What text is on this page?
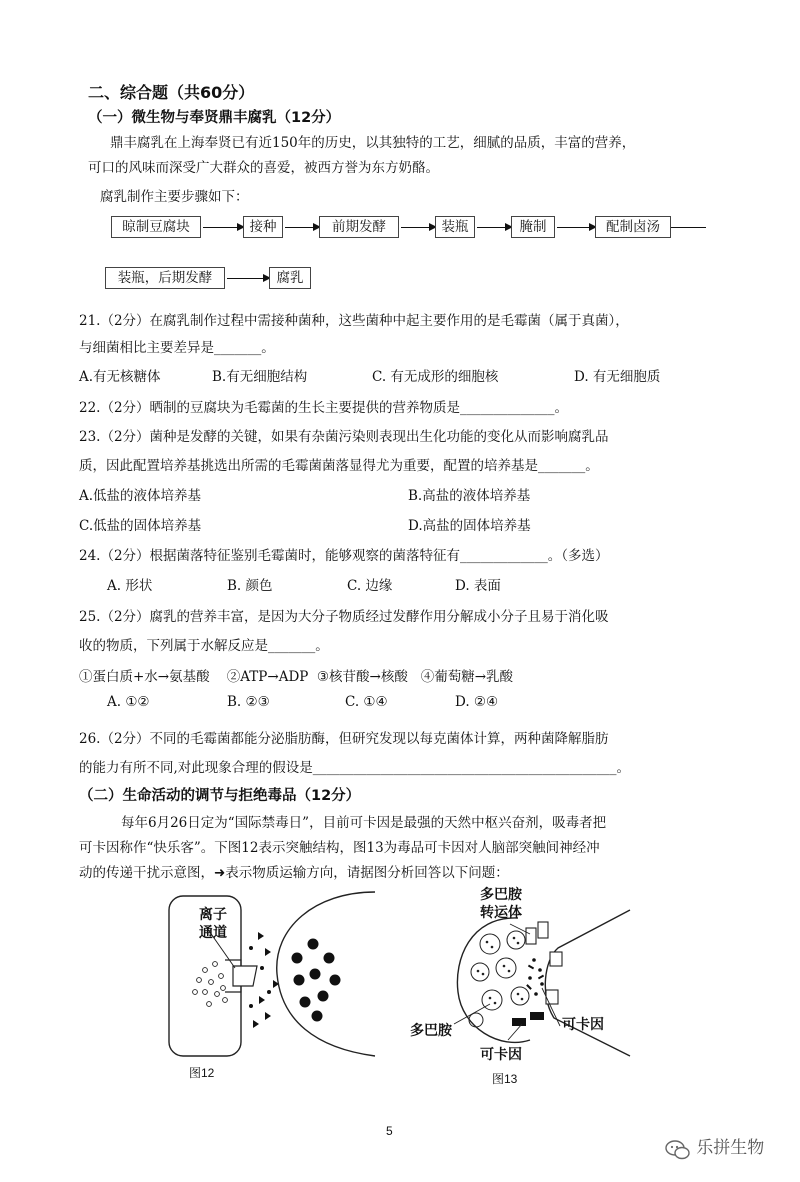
二、综合题（共60分）
（一）微生物与奉贤鼎丰腐乳（12分）
鼎丰腐乳在上海奉贤已有近150年的历史，以其独特的工艺，细腻的品质，丰富的营养，
可口的风味而深受广大群众的喜爱，被西方誉为东方奶酪。
腐乳制作主要步骤如下：
晾制豆腐块	接种	前期发酵	装瓶	腌制	配制卤汤
装瓶，后期发酵	腐乳
21.（2分）在腐乳制作过程中需接种菌种，这些菌种中起主要作用的是毛霉菌（属于真菌），
与细菌相比主要差异是_______。
A.有无核糖体	B.有无细胞结构	C. 有无成形的细胞核	D. 有无细胞质
22.（2分）晒制的豆腐块为毛霉菌的生长主要提供的营养物质是______________。
23.（2分）菌种是发酵的关键，如果有杂菌污染则表现出生化功能的变化从而影响腐乳品
质，因此配置培养基挑选出所需的毛霉菌菌落显得尤为重要，配置的培养基是_______。
A.低盐的液体培养基	B.高盐的液体培养基
C.低盐的固体培养基	D.高盐的固体培养基
24.（2分）根据菌落特征鉴别毛霉菌时，能够观察的菌落特征有_____________。（多选）
A. 形状	B. 颜色	C. 边缘	D. 表面
25.（2分）腐乳的营养丰富，是因为大分子物质经过发酵作用分解成小分子且易于消化吸
收的物质，下列属于水解反应是_______。
①蛋白质+水→氨基酸    ②ATP→ADP  ③核苷酸→核酸   ④葡萄糖→乳酸
A. ①②	B. ②③	C. ①④	D. ②④
26.（2分）不同的毛霉菌都能分泌脂肪酶，但研究发现以每克菌体计算，两种菌降解脂肪
的能力有所不同,对此现象合理的假设是_____________________________________________。
（二）生命活动的调节与拒绝毒品（12分）
每年6月26日定为“国际禁毒日”，目前可卡因是最强的天然中枢兴奋剂，吸毒者把
可卡因称作“快乐客”。下图12表示突触结构，图13为毒品可卡因对人脑部突触间神经冲
动的传递干扰示意图，➜表示物质运输方向，请据图分析回答以下问题：
离子
通道
图12
多巴胺
转运体
多巴胺	可卡因
可卡因
图13
5
乐拼生物
